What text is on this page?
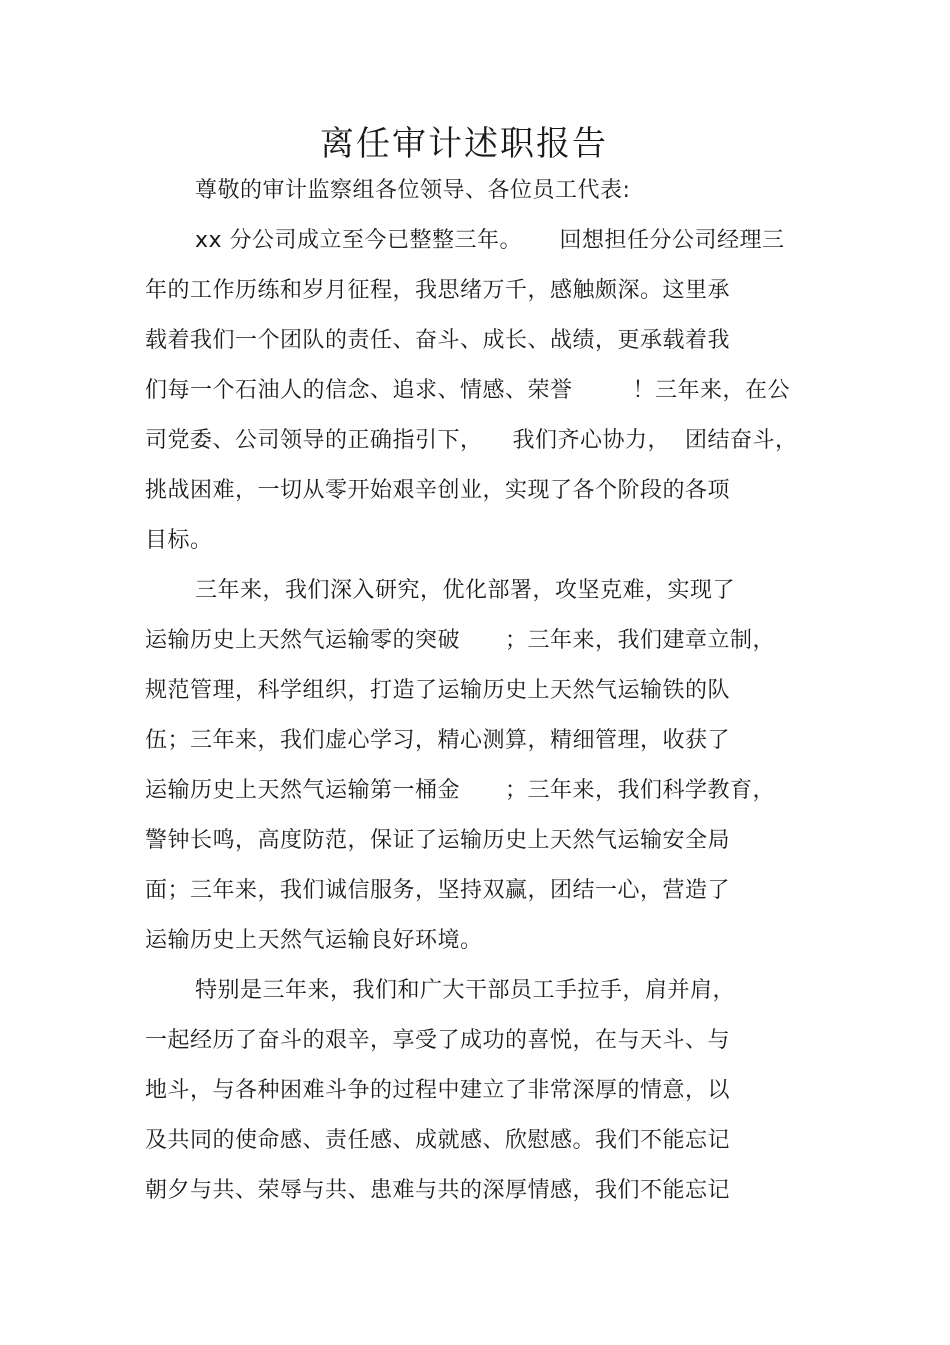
离任审计述职报告
尊敬的审计监察组各位领导、各位员工代表:
xx 分公司成立至今已整整三年。     回想担任分公司经理三
年的工作历练和岁月征程，我思绪万千，感触颇深。这里承
载着我们一个团队的责任、奋斗、成长、战绩，更承载着我
们每一个石油人的信念、追求、情感、荣誉        ！三年来，在公
司党委、公司领导的正确指引下，    我们齐心协力，  团结奋斗，
挑战困难，一切从零开始艰辛创业，实现了各个阶段的各项
目标。
三年来，我们深入研究，优化部署，攻坚克难，实现了
运输历史上天然气运输零的突破      ；三年来，我们建章立制，
规范管理，科学组织，打造了运输历史上天然气运输铁的队
伍；三年来，我们虚心学习，精心测算，精细管理，收获了
运输历史上天然气运输第一桶金      ；三年来，我们科学教育，
警钟长鸣，高度防范，保证了运输历史上天然气运输安全局
面；三年来，我们诚信服务，坚持双赢，团结一心，营造了
运输历史上天然气运输良好环境。
特别是三年来，我们和广大干部员工手拉手，肩并肩，
一起经历了奋斗的艰辛，享受了成功的喜悦，在与天斗、与
地斗，与各种困难斗争的过程中建立了非常深厚的情意，以
及共同的使命感、责任感、成就感、欣慰感。我们不能忘记
朝夕与共、荣辱与共、患难与共的深厚情感，我们不能忘记
